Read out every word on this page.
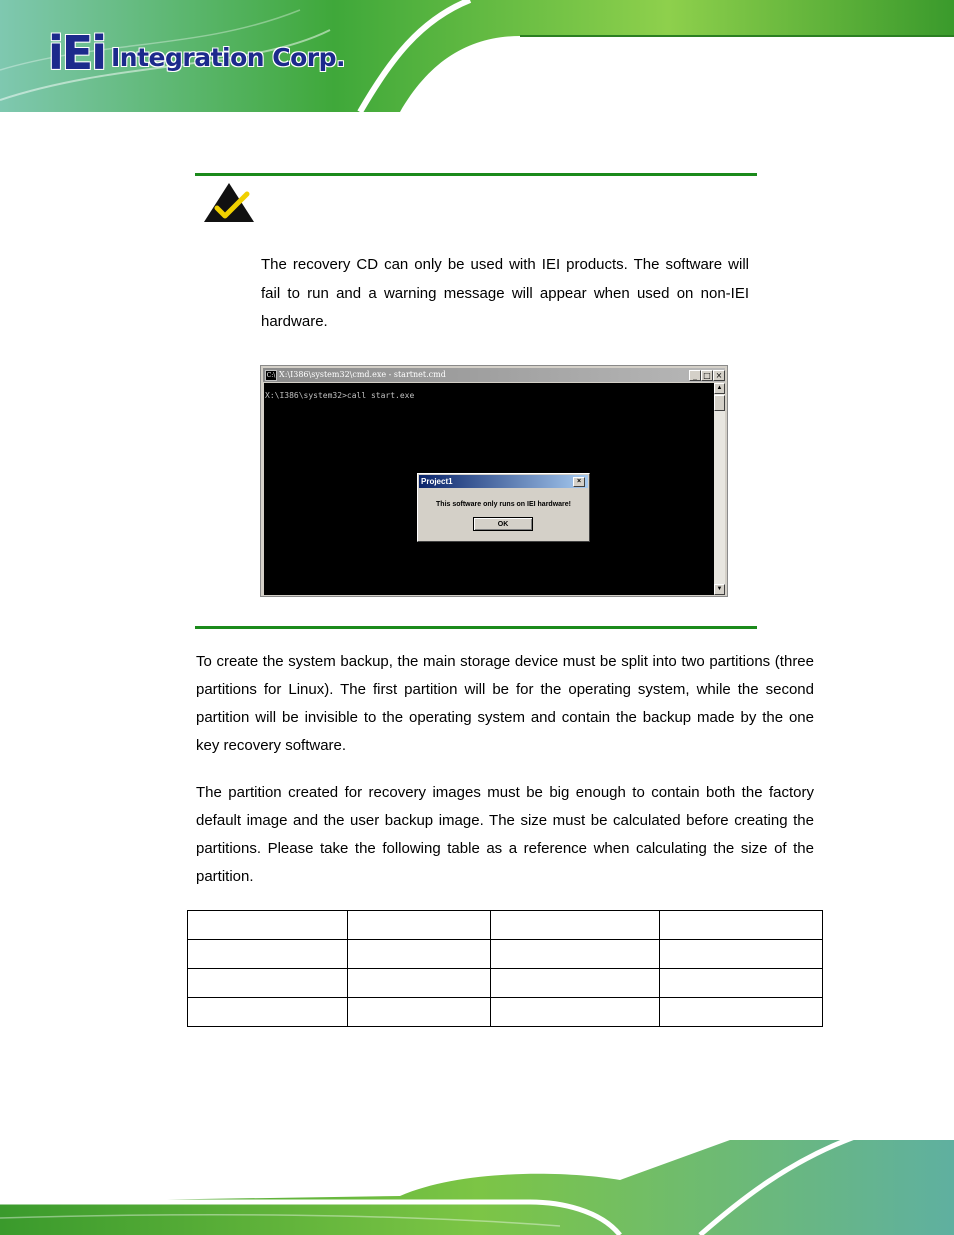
iEi Integration Corp.
The recovery CD can only be used with IEI products. The software will fail to run and a warning message will appear when used on non-IEI hardware.
C:\ X:\I386\system32\cmd.exe - startnet.cmd	_ □ ×
X:\I386\system32>call start.exe
Project1	×
This software only runs on IEI hardware!
OK
▲
▼
To create the system backup, the main storage device must be split into two partitions (three partitions for Linux). The first partition will be for the operating system, while the second partition will be invisible to the operating system and contain the backup made by the one key recovery software.
The partition created for recovery images must be big enough to contain both the factory default image and the user backup image. The size must be calculated before creating the partitions. Please take the following table as a reference when calculating the size of the partition.
